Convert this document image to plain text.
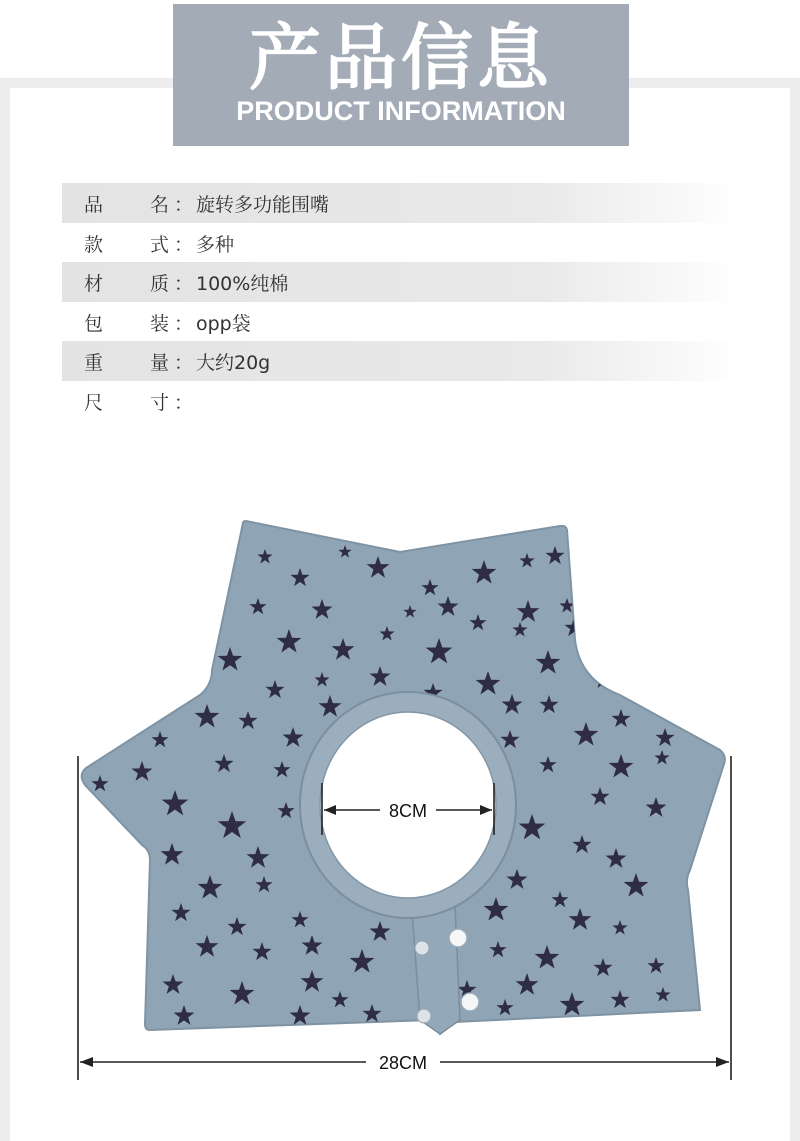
产品信息
PRODUCT INFORMATION
品 名 ： 旋转多功能围嘴
款 式 ： 多种
材 质 ： 100%纯棉
包 装 ： opp袋
重 量 ： 大约20g
尺 寸 ：
8CM
28CM
